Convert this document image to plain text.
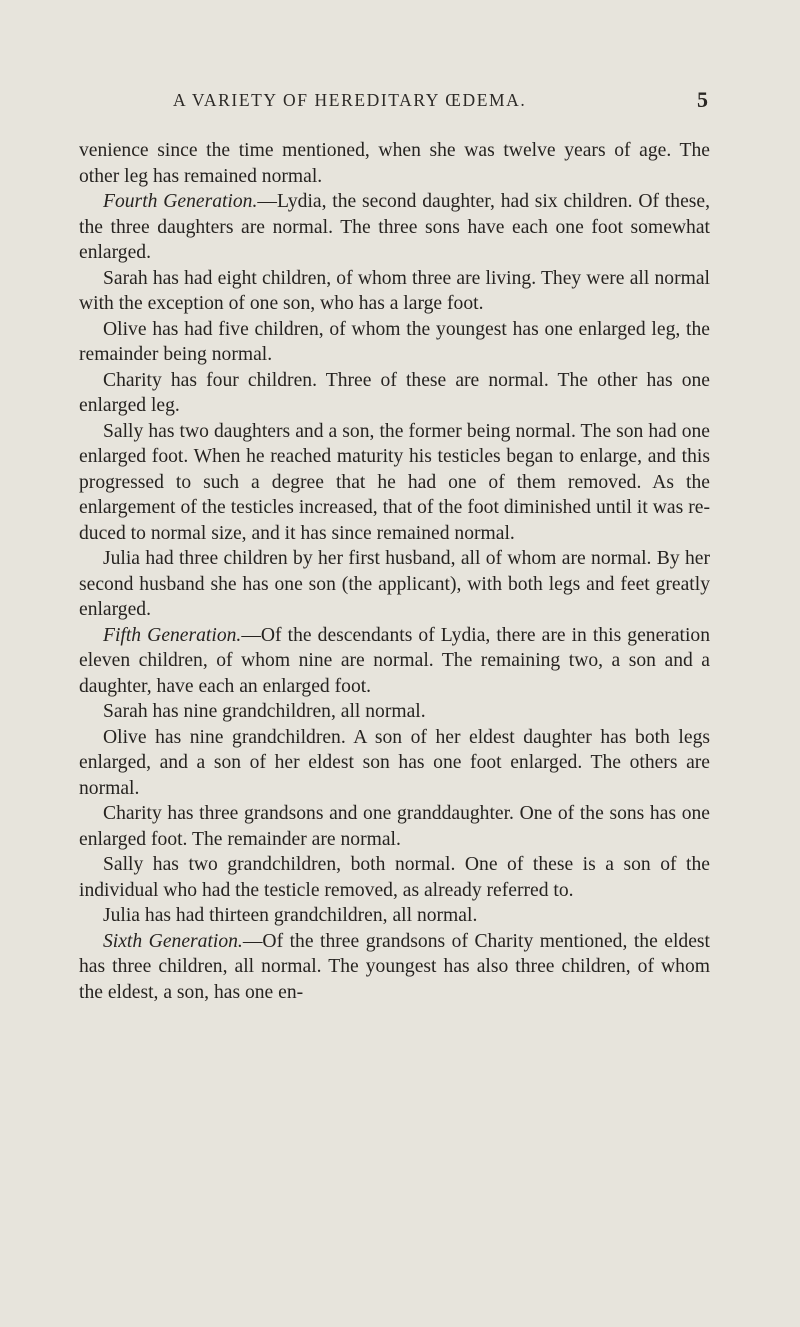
A VARIETY OF HEREDITARY ŒDEMA.	5

venience since the time mentioned, when she was twelve years of age. The other leg has remained normal.

Fourth Generation.—Lydia, the second daughter, had six children. Of these, the three daughters are normal. The three sons have each one foot somewhat enlarged.

Sarah has had eight children, of whom three are living. They were all normal with the exception of one son, who has a large foot.

Olive has had five children, of whom the youngest has one enlarged leg, the remainder being normal.

Charity has four children. Three of these are normal. The other has one enlarged leg.

Sally has two daughters and a son, the former being normal. The son had one enlarged foot. When he reached maturity his testicles began to enlarge, and this progressed to such a degree that he had one of them removed. As the enlargement of the testicles increased, that of the foot diminished until it was reduced to normal size, and it has since remained normal.

Julia had three children by her first husband, all of whom are normal. By her second husband she has one son (the applicant), with both legs and feet greatly enlarged.

Fifth Generation.—Of the descendants of Lydia, there are in this generation eleven children, of whom nine are normal. The remaining two, a son and a daughter, have each an enlarged foot.

Sarah has nine grandchildren, all normal.

Olive has nine grandchildren. A son of her eldest daughter has both legs enlarged, and a son of her eldest son has one foot enlarged. The others are normal.

Charity has three grandsons and one granddaughter. One of the sons has one enlarged foot. The remainder are normal.

Sally has two grandchildren, both normal. One of these is a son of the individual who had the testicle removed, as already referred to.

Julia has had thirteen grandchildren, all normal.

Sixth Generation.—Of the three grandsons of Charity mentioned, the eldest has three children, all normal. The youngest has also three children, of whom the eldest, a son, has one en-
